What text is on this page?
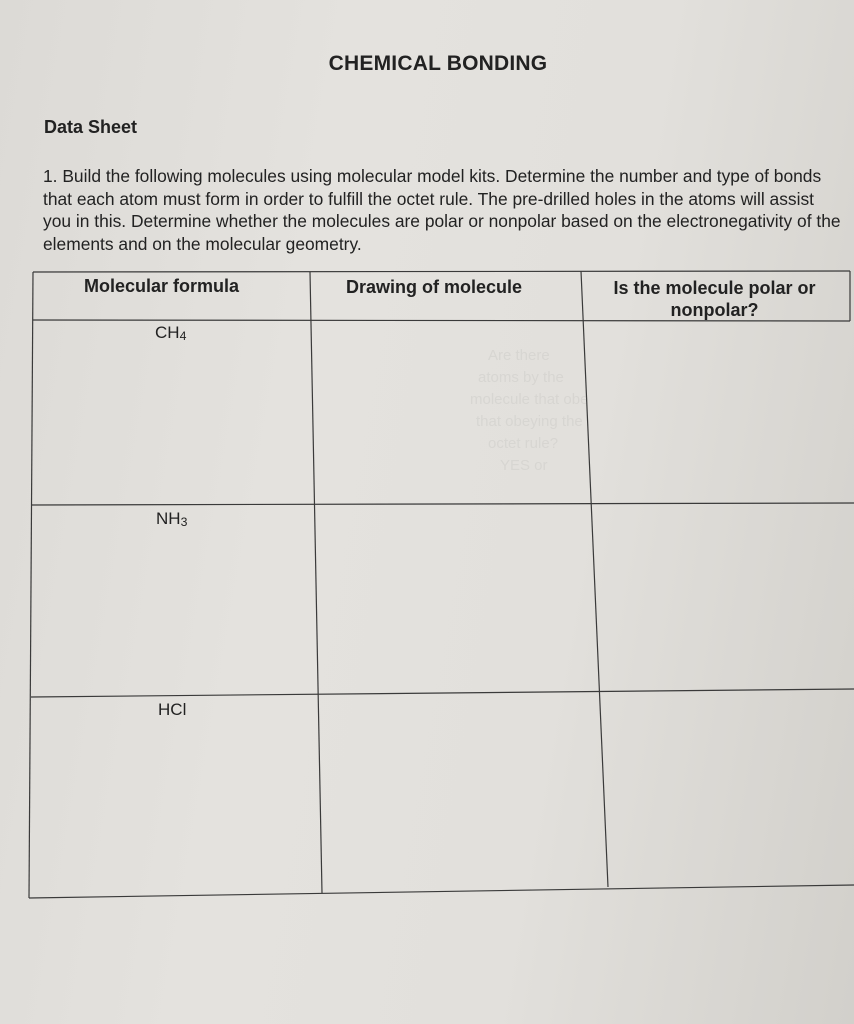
CHEMICAL BONDING
Data Sheet
1. Build the following molecules using molecular model kits. Determine the number and type of bonds that each atom must form in order to fulfill the octet rule. The pre-drilled holes in the atoms will assist you in this. Determine whether the molecules are polar or nonpolar based on the electronegativity of the elements and on the molecular geometry.
Are there
atoms by the
molecule that obe
that obeying the
octet rule?
YES or
Molecular formula	Drawing of molecule	Is the molecule polar or nonpolar?
CH4
NH3
HCl
